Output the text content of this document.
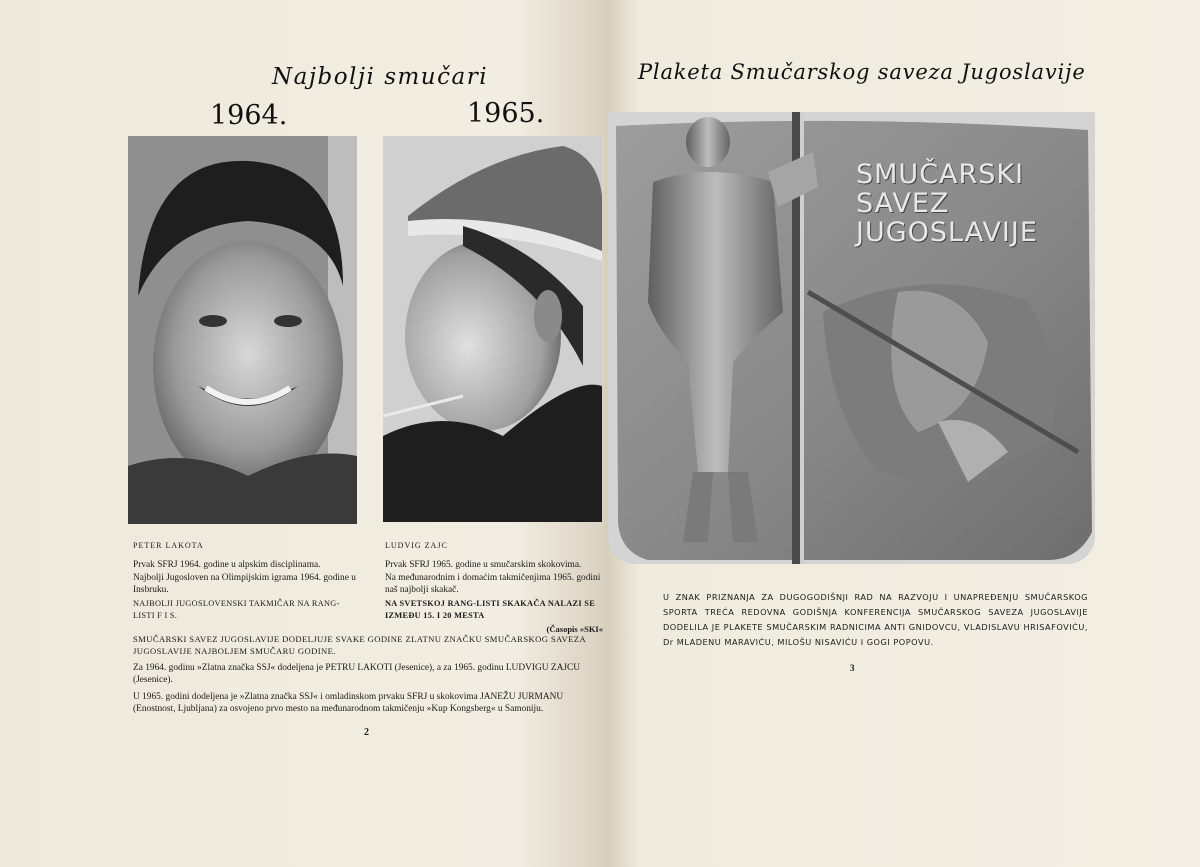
Najbolji smučari
1964.	1965.

PETER LAKOTA

Prvak SFRJ 1964. godine u alpskim disciplinama.

Najbolji Jugosloven na Olimpijskim igrama 1964. godine u Insbruku.

NAJBOLJI JUGOSLOVENSKI TAKMIČAR NA RANG-LISTI F I S.

LUDVIG ZAJC

Prvak SFRJ 1965. godine u smučarskim skokovima.

Na međunarodnim i domaćim takmičenjima 1965. godini naš najbolji skakač.

NA SVETSKOJ RANG-LISTI SKAKAČA NALAZI SE IZMEĐU 15. I 20 MESTA

(Časopis »SKI«

SMUČARSKI SAVEZ JUGOSLAVIJE DODELJUJE SVAKE GODINE ZLATNU ZNAČKU SMUČARSKOG SAVEZA JUGOSLAVIJE NAJBOLJEM SMUČARU GODINE.

Za 1964. godinu »Zlatna značka SSJ« dodeljena je PETRU LAKOTI (Jesenice), a za 1965. godinu LUDVIGU ZAJCU (Jesenice).

U 1965. godini dodeljena je »Zlatna značka SSJ« i omladinskom prvaku SFRJ u skokovima JANEŽU JURMANU (Enostnost, Ljubljana) za osvojeno prvo mesto na međunarodnom takmičenju »Kup Kongsberg« u Samoniju.

2
Plaketa Smučarskog saveza Jugoslavije
SMUČARSKI SAVEZ JUGOSLAVIJE
U ZNAK PRIZNANJA ZA DUGOGODIŠNJI RAD NA RAZVOJU I UNAPREĐENJU SMUČARSKOG SPORTA TREĆA REDOVNA GODIŠNJA KONFERENCIJA SMUČARSKOG SAVEZA JUGOSLAVIJE DODELILA JE PLAKETE SMUČARSKIM RADNICIMA ANTI GNIDOVCU, VLADISLAVU HRISAFOVIĆU, Dr MLADENU MARAVIĆU, MILOŠU NISAVIĆU I GOGI POPOVU.
3
